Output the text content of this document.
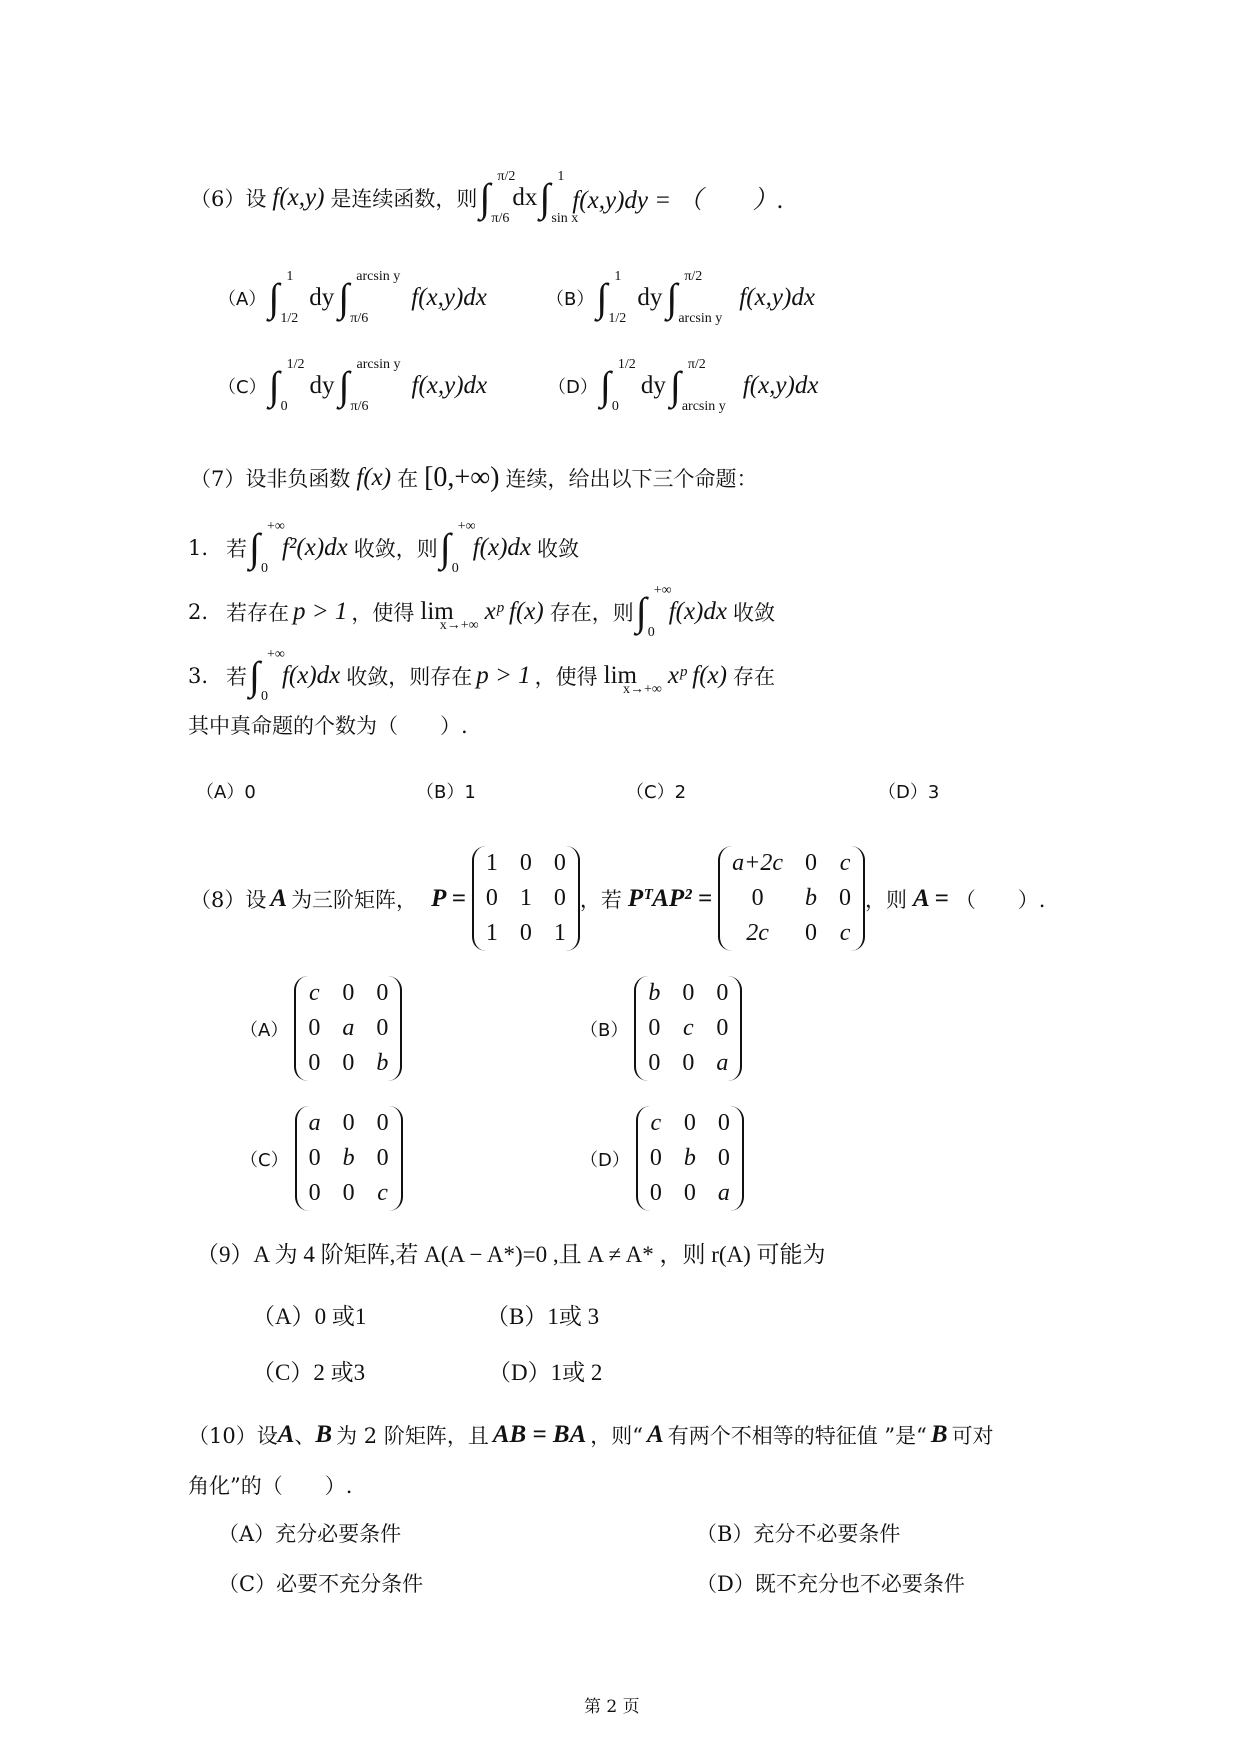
（6）设 f(x,y) 是连续函数，则 ∫ π/2
π/6
dx ∫ 1
sin x
f(x,y)dy = （　　）.
（A） ∫ 1
1/2
dy ∫ arcsin y
π/6
f(x,y)dx	（B） ∫ 1
1/2
dy ∫ π/2
arcsin y
f(x,y)dx
（C） ∫ 1/2
0
dy ∫ arcsin y
π/6
f(x,y)dx	（D） ∫ 1/2
0
dy ∫ π/2
arcsin y
f(x,y)dx
（7）设非负函数 f(x) 在 [0,+∞) 连续，给出以下三个命题：
1. 若 ∫ +∞
0
f²(x)dx 收敛，则 ∫ +∞
0
f(x)dx 收敛
2. 若存在 p > 1 ，使得 lim
x→+∞
xᵖ f(x) 存在，则 ∫ +∞
0
f(x)dx 收敛
3. 若 ∫ +∞
0
f(x)dx 收敛，则存在 p > 1 ，使得 lim
x→+∞
xᵖ f(x) 存在
其中真命题的个数为（　　）.
（A）0	（B）1	（C）2	（D）3
（8）设 A 为三阶矩阵， P =
1 0 0
0 1 0
1 0 1
，若 PᵀAP² =
a+2c 0 c
0	b 0
2c	0 c
，则 A = （　　）.
（A）
c 0 0
0 a 0
0 0 b
（B）
b 0 0
0 c 0
0 0 a
（C）
a 0 0
0 b 0
0 0 c
（D）
c 0 0
0 b 0
0 0 a
（9）A 为 4 阶矩阵,若 A(A − A*)=0 ,且 A ≠ A* ，则 r(A) 可能为
（A）0 或1	（B）1或 3
（C）2 或3	（D）1或 2
（10）设 A 、 B 为 2 阶矩阵，且 AB = BA ，则“ A 有两个不相等的特征值 ”是“ B 可对
角化”的（　　）.
（A）充分必要条件	（B）充分不必要条件
（C）必要不充分条件	（D）既不充分也不必要条件
第 2 页
